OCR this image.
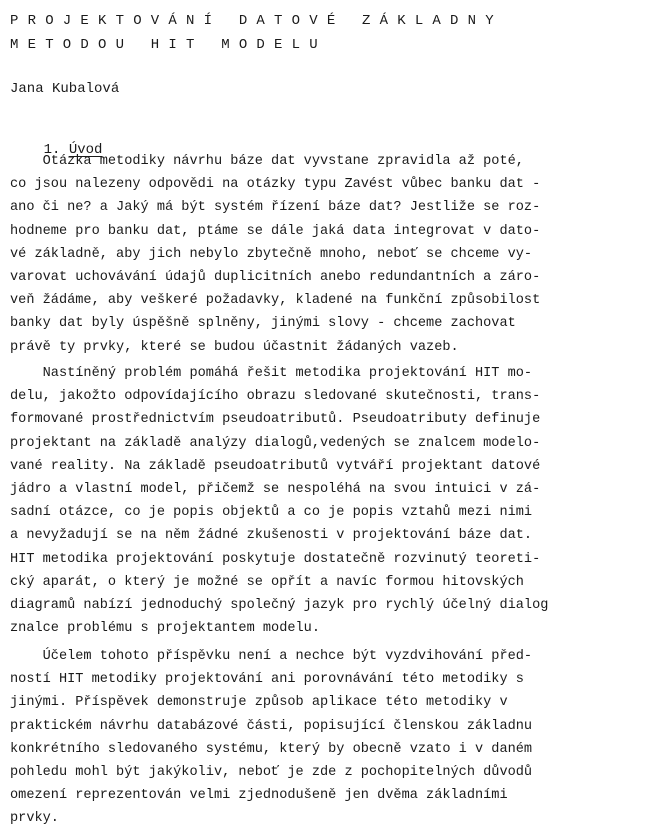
PROJEKTOVÁNÍ DATOVÉ ZÁKLADNY
METODOU HIT MODELU
Jana Kubalová

1. Úvod

Otázka metodiky návrhu báze dat vyvstane zpravidla až poté,
co jsou nalezeny odpovědi na otázky typu Zavést vůbec banku dat -
ano či ne? a Jaký má být systém řízení báze dat? Jestliže se roz-
hodneme pro banku dat, ptáme se dále jaká data integrovat v dato-
vé základně, aby jich nebylo zbytečně mnoho, neboť se chceme vy-
varovat uchovávání údajů duplicitních anebo redundantních a záro-
veň žádáme, aby veškeré požadavky, kladené na funkční způsobilost
banky dat byly úspěšně splněny, jinými slovy - chceme zachovat
právě ty prvky, které se budou účastnit žádaných vazeb.
Nastíněný problém pomáhá řešit metodika projektování HIT mo-
delu, jakožto odpovídajícího obrazu sledované skutečnosti, trans-
formované prostřednictvím pseudoatributů. Pseudoatributy definuje
projektant na základě analýzy dialogů,vedených se znalcem modelo-
vané reality. Na základě pseudoatributů vytváří projektant datové
jádro a vlastní model, přičemž se nespoléhá na svou intuici v zá-
sadní otázce, co je popis objektů a co je popis vztahů mezi nimi
a nevyžadují se na něm žádné zkušenosti v projektování báze dat.
HIT metodika projektování poskytuje dostatečně rozvinutý teoreti-
cký aparát, o který je možné se opřít a navíc formou hitovských
diagramů nabízí jednoduchý společný jazyk pro rychlý účelný dialog
znalce problému s projektantem modelu.
Účelem tohoto příspěvku není a nechce být vyzdvihování před-
ností HIT metodiky projektování ani porovnávání této metodiky s
jinými. Příspěvek demonstruje způsob aplikace této metodiky v
praktickém návrhu databázové části, popisující členskou základnu
konkrétního sledovaného systému, který by obecně vzato i v daném
pohledu mohl být jakýkoliv, neboť je zde z pochopitelných důvodů
omezení reprezentován velmi zjednodušeně jen dvěma základními
prvky.
